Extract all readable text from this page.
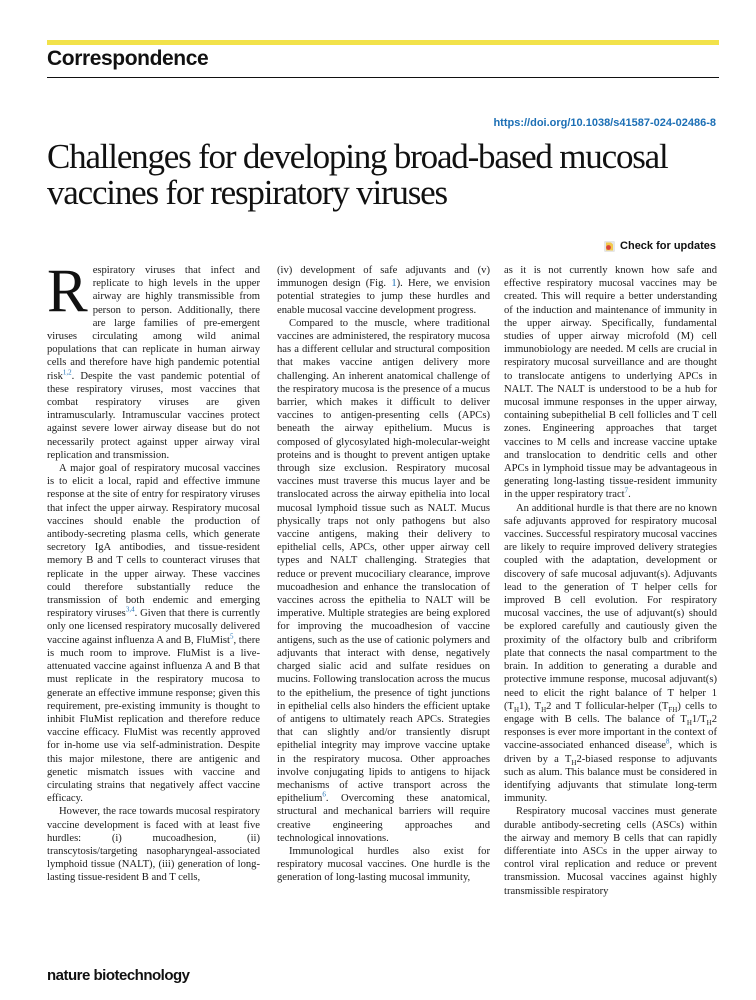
Correspondence
https://doi.org/10.1038/s41587-024-02486-8
Challenges for developing broad-based mucosal vaccines for respiratory viruses
Check for updates

Respiratory viruses that infect and replicate to high levels in the upper airway are highly transmissible from person to person. Additionally, there are large families of pre-emergent viruses circulating among wild animal populations that can replicate in human airway cells and therefore have high pandemic potential risk$^{1,2}$. Despite the vast pandemic potential of these respiratory viruses, most vaccines that combat respiratory viruses are given intramuscularly. Intramuscular vaccines protect against severe lower airway disease but do not necessarily protect against upper airway viral replication and transmission.

A major goal of respiratory mucosal vaccines is to elicit a local, rapid and effective immune response at the site of entry for respiratory viruses that infect the upper airway. Respiratory mucosal vaccines should enable the production of antibody-secreting plasma cells, which generate secretory IgA antibodies, and tissue-resident memory B and T cells to counteract viruses that replicate in the upper airway. These vaccines could therefore substantially reduce the transmission of both endemic and emerging respiratory viruses$^{3,4}$. Given that there is currently only one licensed respiratory mucosally delivered vaccine against influenza A and B, FluMist$^5$, there is much room to improve. FluMist is a live-attenuated vaccine against influenza A and B that must replicate in the respiratory mucosa to generate an effective immune response; given this requirement, pre-existing immunity is thought to inhibit FluMist replication and therefore reduce vaccine efficacy. FluMist was recently approved for in-home use via self-administration. Despite this major milestone, there are antigenic and genetic mismatch issues with vaccine and circulating strains that negatively affect vaccine efficacy.

However, the race towards mucosal respiratory vaccine development is faced with at least five hurdles: (i) mucoadhesion, (ii) transcytosis/targeting nasopharyngeal-associated lymphoid tissue (NALT), (iii) generation of long-lasting tissue-resident B and T cells,

(iv) development of safe adjuvants and (v) immunogen design (Fig. 1). Here, we envision potential strategies to jump these hurdles and enable mucosal vaccine development progress.

Compared to the muscle, where traditional vaccines are administered, the respiratory mucosa has a different cellular and structural composition that makes vaccine antigen delivery more challenging. An inherent anatomical challenge of the respiratory mucosa is the presence of a mucus barrier, which makes it difficult to deliver vaccines to antigen-presenting cells (APCs) beneath the airway epithelium. Mucus is composed of glycosylated high-molecular-weight proteins and is thought to prevent antigen uptake through size exclusion. Respiratory mucosal vaccines must traverse this mucus layer and be translocated across the airway epithelia into local mucosal lymphoid tissue such as NALT. Mucus physically traps not only pathogens but also vaccine antigens, making their delivery to epithelial cells, APCs, other upper airway cell types and NALT challenging. Strategies that reduce or prevent mucociliary clearance, improve mucoadhesion and enhance the translocation of vaccines across the epithelia to NALT will be imperative. Multiple strategies are being explored for improving the mucoadhesion of vaccine antigens, such as the use of cationic polymers and adjuvants that interact with dense, negatively charged sialic acid and sulfate residues on mucins. Following translocation across the mucus to the epithelium, the presence of tight junctions in epithelial cells also hinders the efficient uptake of antigens to ultimately reach APCs. Strategies that can slightly and/or transiently disrupt epithelial integrity may improve vaccine uptake in the respiratory mucosa. Other approaches involve conjugating lipids to antigens to hijack mechanisms of active transport across the epithelium$^6$. Overcoming these anatomical, structural and mechanical barriers will require creative engineering approaches and technological innovations.

Immunological hurdles also exist for respiratory mucosal vaccines. One hurdle is the generation of long-lasting mucosal immunity,

as it is not currently known how safe and effective respiratory mucosal vaccines may be created. This will require a better understanding of the induction and maintenance of immunity in the upper airway. Specifically, fundamental studies of upper airway microfold (M) cell immunobiology are needed. M cells are crucial in respiratory mucosal surveillance and are thought to translocate antigens to underlying APCs in NALT. The NALT is understood to be a hub for mucosal immune responses in the upper airway, containing subepithelial B cell follicles and T cell zones. Engineering approaches that target vaccines to M cells and increase vaccine uptake and translocation to dendritic cells and other APCs in lymphoid tissue may be advantageous in generating long-lasting tissue-resident immunity in the upper respiratory tract$^7$.

An additional hurdle is that there are no known safe adjuvants approved for respiratory mucosal vaccines. Successful respiratory mucosal vaccines are likely to require improved delivery strategies coupled with the adaptation, development or discovery of safe mucosal adjuvant(s). Adjuvants lead to the generation of T helper cells for improved B cell evolution. For respiratory mucosal vaccines, the use of adjuvant(s) should be explored carefully and cautiously given the proximity of the olfactory bulb and cribriform plate that connects the nasal compartment to the brain. In addition to generating a durable and protective immune response, mucosal adjuvant(s) need to elicit the right balance of T helper 1 $(T_H1)$, $T_H2$ and T follicular-helper $(T_{FH})$ cells to engage with B cells. The balance of $T_H1/T_H2$ responses is ever more important in the context of vaccine-associated enhanced disease$^8$, which is driven by a $T_H2$-biased response to adjuvants such as alum. This balance must be considered in identifying adjuvants that stimulate long-term immunity.

Respiratory mucosal vaccines must generate durable antibody-secreting cells (ASCs) within the airway and memory B cells that can rapidly differentiate into ASCs in the upper airway to control viral replication and reduce or prevent transmission. Mucosal vaccines against highly transmissible respiratory

nature biotechnology
